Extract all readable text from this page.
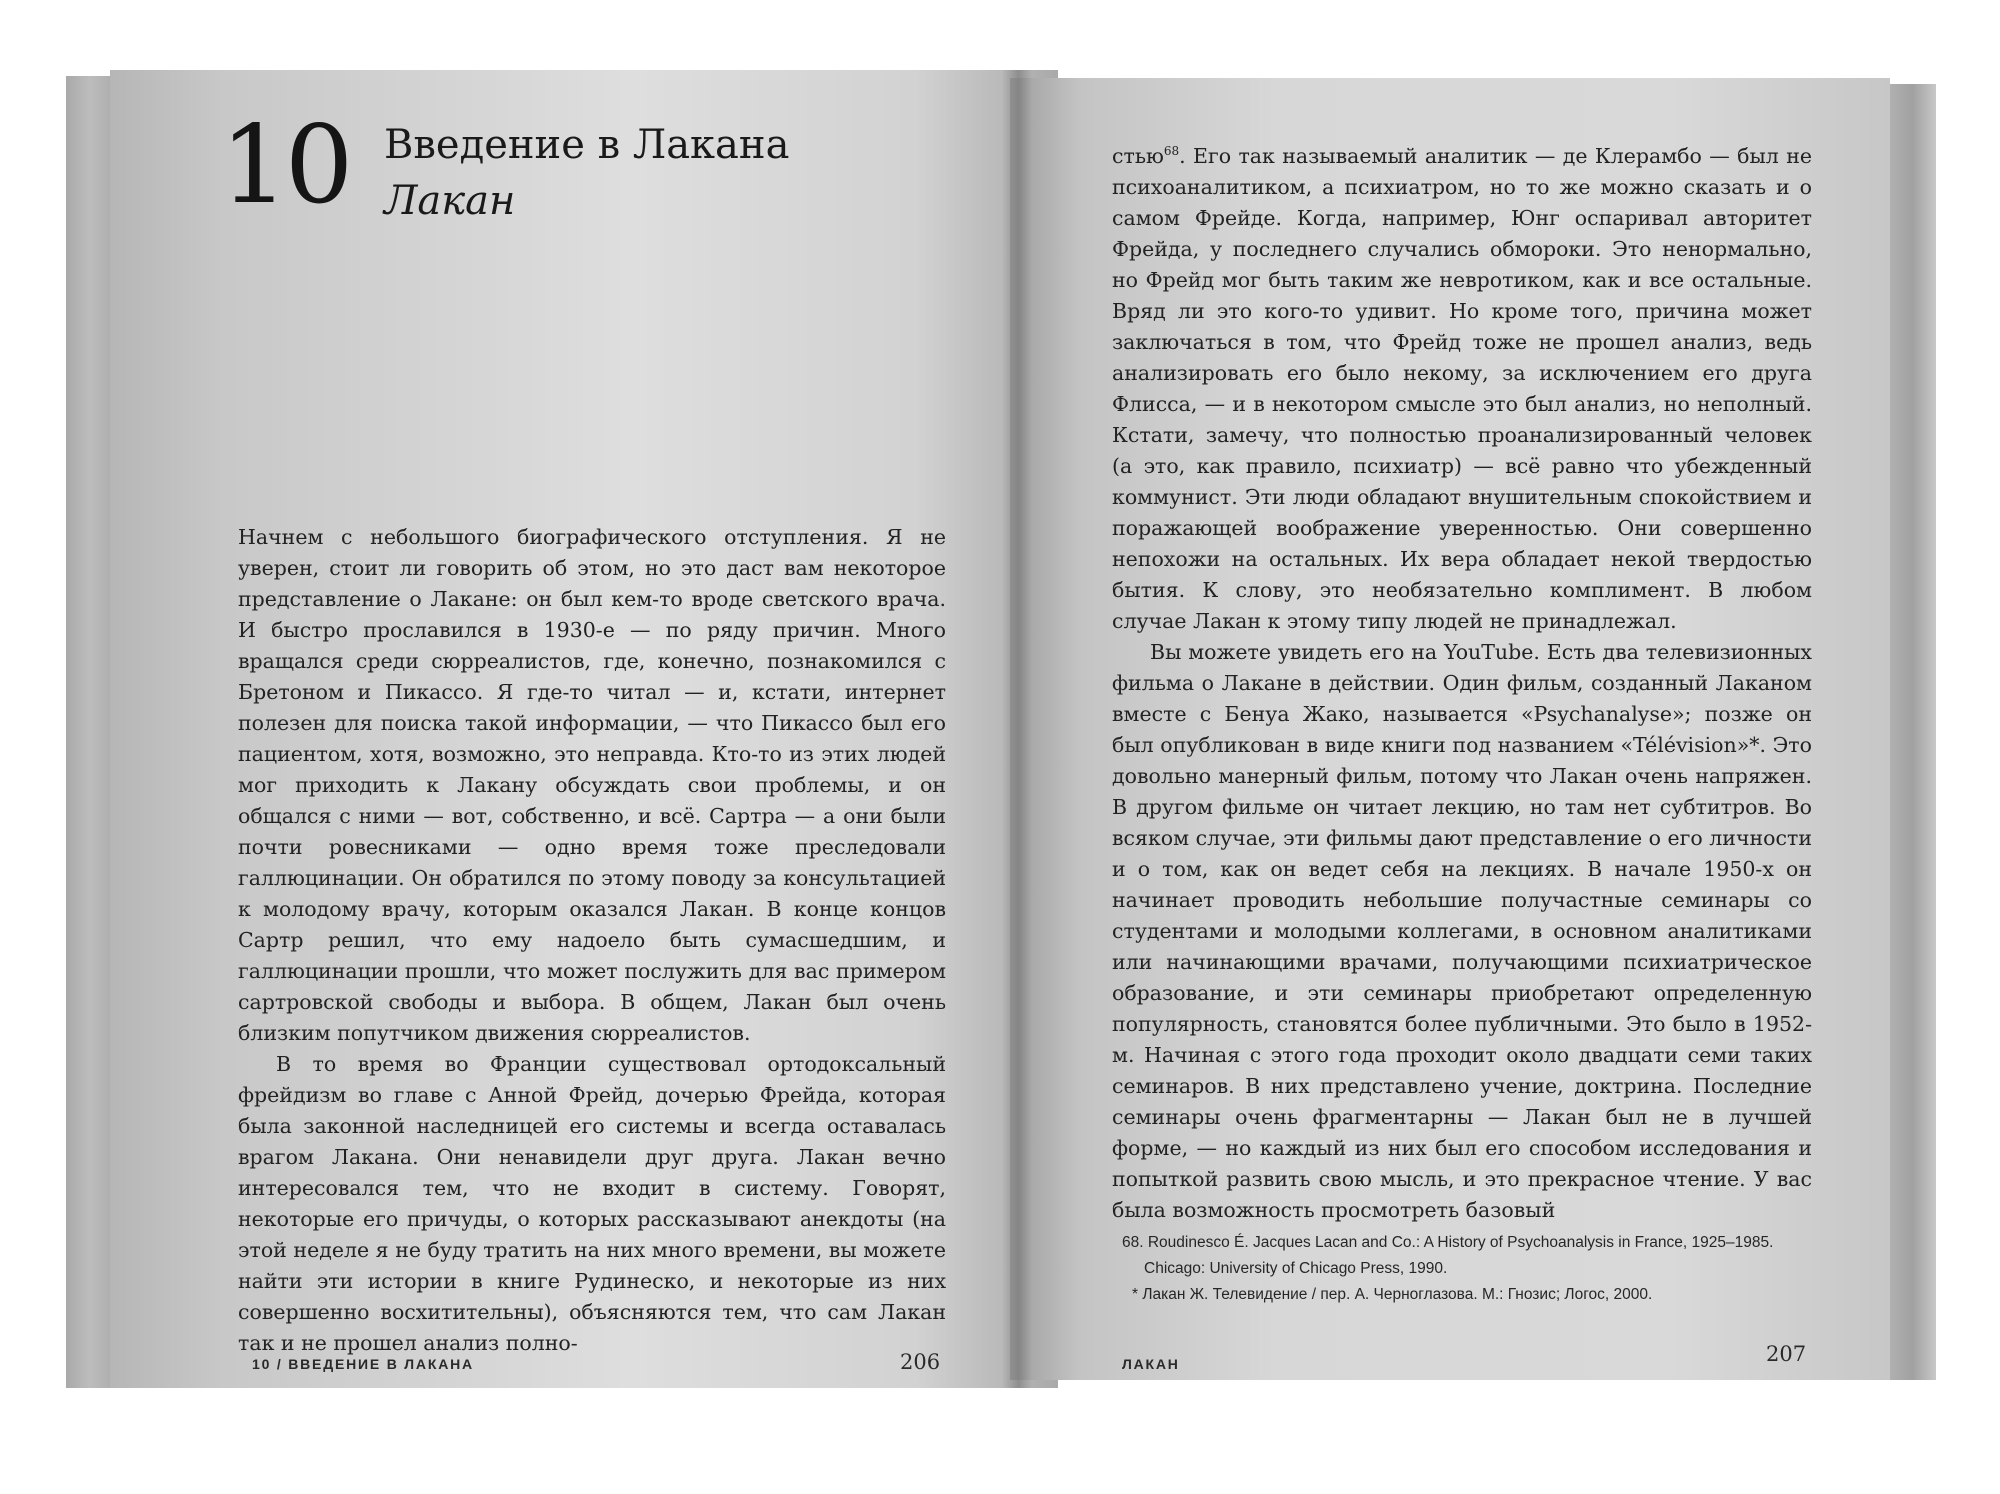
10 Введение в Лакана
Лакан

Начнем с небольшого биографического отступления. Я не уверен, стоит ли говорить об этом, но это даст вам некоторое представление о Лакане: он был кем-то вроде светского врача. И быстро прославился в 1930-е — по ряду причин. Много вращался среди сюрреалистов, где, конечно, познакомился с Бретоном и Пикассо. Я где-то читал — и, кстати, интернет полезен для поиска такой информации, — что Пикассо был его пациентом, хотя, возможно, это неправда. Кто-то из этих людей мог приходить к Лакану обсуждать свои проблемы, и он общался с ними — вот, собственно, и всё. Сартра — а они были почти ровесниками — одно время тоже преследовали галлюцинации. Он обратился по этому поводу за консультацией к молодому врачу, которым оказался Лакан. В конце концов Сартр решил, что ему надоело быть сумасшедшим, и галлюцинации прошли, что может послужить для вас примером сартровской свободы и выбора. В общем, Лакан был очень близким попутчиком движения сюрреалистов.

В то время во Франции существовал ортодоксальный фрейдизм во главе с Анной Фрейд, дочерью Фрейда, которая была законной наследницей его системы и всегда оставалась врагом Лакана. Они ненавидели друг друга. Лакан вечно интересовался тем, что не входит в систему. Говорят, некоторые его причуды, о которых рассказывают анекдоты (на этой неделе я не буду тратить на них много времени, вы можете найти эти истории в книге Рудинеско, и некоторые из них совершенно восхитительны), объясняются тем, что сам Лакан так и не прошел анализ полно-

10 / ВВЕДЕНИЕ В ЛАКАНА	206

стью$^{68}$. Его так называемый аналитик — де Клерамбо — был не психоаналитиком, а психиатром, но то же можно сказать и о самом Фрейде. Когда, например, Юнг оспаривал авторитет Фрейда, у последнего случались обмороки. Это ненормально, но Фрейд мог быть таким же невротиком, как и все остальные. Вряд ли это кого-то удивит. Но кроме того, причина может заключаться в том, что Фрейд тоже не прошел анализ, ведь анализировать его было некому, за исключением его друга Флисса, — и в некотором смысле это был анализ, но неполный. Кстати, замечу, что полностью проанализированный человек (а это, как правило, психиатр) — всё равно что убежденный коммунист. Эти люди обладают внушительным спокойствием и поражающей воображение уверенностью. Они совершенно непохожи на остальных. Их вера обладает некой твердостью бытия. К слову, это необязательно комплимент. В любом случае Лакан к этому типу людей не принадлежал.

Вы можете увидеть его на YouTube. Есть два телевизионных фильма о Лакане в действии. Один фильм, созданный Лаканом вместе с Бенуа Жако, называется «Psychanalyse»; позже он был опубликован в виде книги под названием «Télévision»*. Это довольно манерный фильм, потому что Лакан очень напряжен. В другом фильме он читает лекцию, но там нет субтитров. Во всяком случае, эти фильмы дают представление о его личности и о том, как он ведет себя на лекциях. В начале 1950-х он начинает проводить небольшие получастные семинары со студентами и молодыми коллегами, в основном аналитиками или начинающими врачами, получающими психиатрическое образование, и эти семинары приобретают определенную популярность, становятся более публичными. Это было в 1952-м. Начиная с этого года проходит около двадцати семи таких семинаров. В них представлено учение, доктрина. Последние семинары очень фрагментарны — Лакан был не в лучшей форме, — но каждый из них был его способом исследования и попыткой развить свою мысль, и это прекрасное чтение. У вас была возможность просмотреть базовый

68. Roudinesco É. Jacques Lacan and Co.: A History of Psychoanalysis in France, 1925–1985. Chicago: University of Chicago Press, 1990.

* Лакан Ж. Телевидение / пер. А. Черноглазова. М.: Гнозис; Логос, 2000.

ЛАКАН	207
